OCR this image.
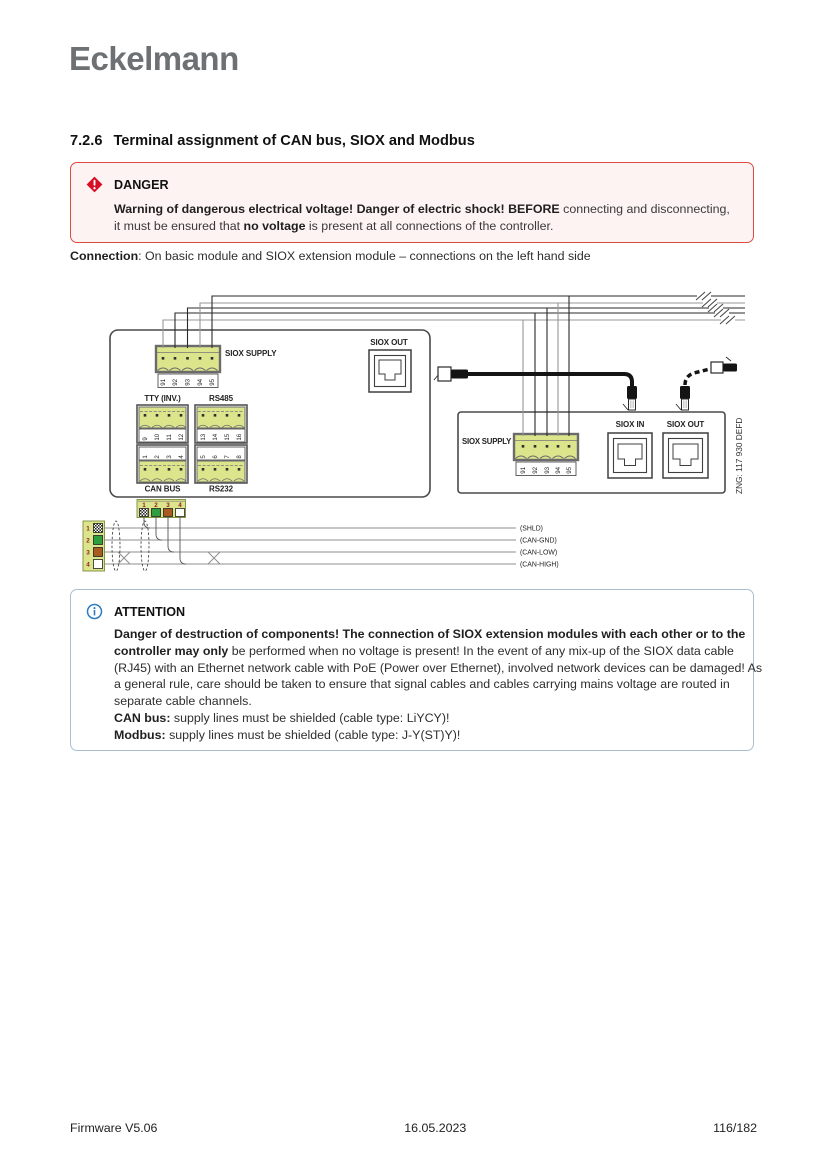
Eckelmann
7.2.6 Terminal assignment of CAN bus, SIOX and Modbus
DANGER
Warning of dangerous electrical voltage! Danger of electric shock! BEFORE connecting and disconnecting, it must be ensured that no voltage is present at all connections of the controller.

Connection: On basic module and SIOX extension module – connections on the left hand side

91 92 93 94 95
SIOX SUPPLY
SIOX OUT
TTY (INV.)	RS485
9 10 11 12 13 14 15 16
1 2 3 4 5 6 7 8
CAN BUS	RS232
SIOX SUPPLY
91 92 93 94 95
SIOX IN	SIOX OUT	ZNG: 117 930 DEFD
1 2 3 4
1
2
3
4
(SHLD)
(CAN-GND)
(CAN-LOW)
(CAN-HIGH)
ATTENTION
Danger of destruction of components! The connection of SIOX extension modules with each other or to the controller may only be performed when no voltage is present! In the event of any mix-up of the SIOX data cable (RJ45) with an Ethernet network cable with PoE (Power over Ethernet), involved network devices can be damaged! As a general rule, care should be taken to ensure that signal cables and cables carrying mains voltage are routed in separate cable channels.
CAN bus: supply lines must be shielded (cable type: LiYCY)!
Modbus: supply lines must be shielded (cable type: J-Y(ST)Y)!
Firmware V5.06	16.05.2023	116/182
